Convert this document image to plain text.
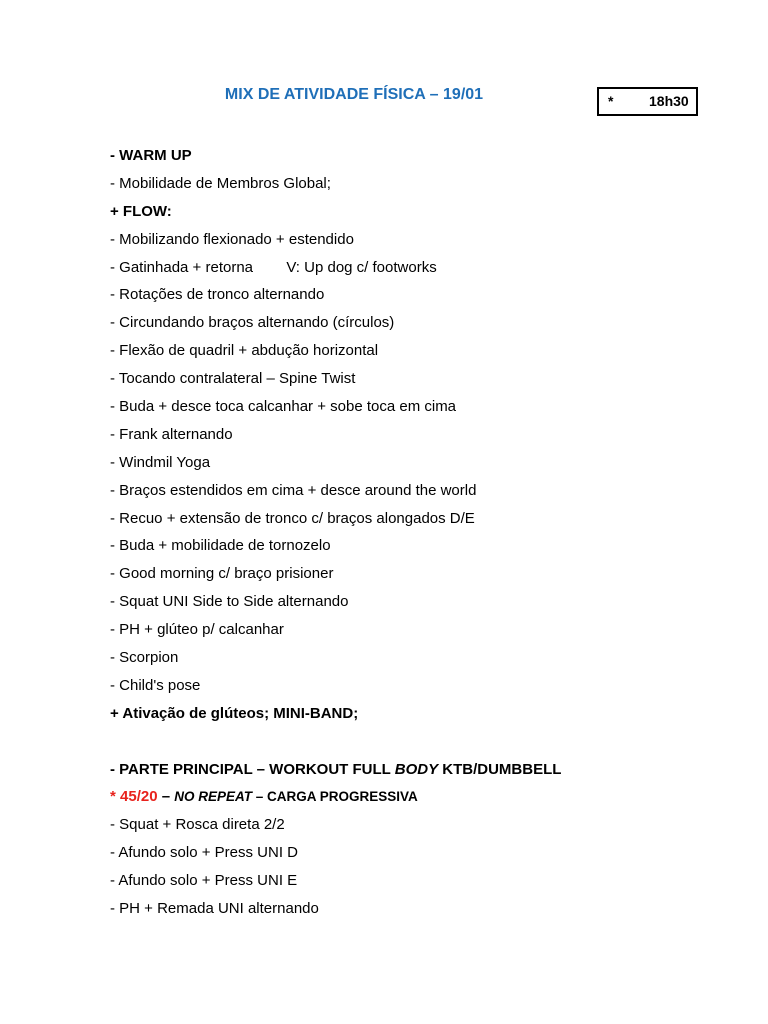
MIX DE ATIVIDADE FÍSICA – 19/01	*	18h30
- WARM UP
- Mobilidade de Membros Global;
+ FLOW:
- Mobilizando flexionado + estendido
- Gatinhada + retorna        V: Up dog c/ footworks
- Rotações de tronco alternando
- Circundando braços alternando (círculos)
- Flexão de quadril + abdução horizontal
- Tocando contralateral – Spine Twist
- Buda + desce toca calcanhar + sobe toca em cima
- Frank alternando
- Windmil Yoga
- Braços estendidos em cima + desce around the world
- Recuo + extensão de tronco c/ braços alongados D/E
- Buda + mobilidade de tornozelo
- Good morning c/ braço prisioner
- Squat UNI Side to Side alternando
- PH + glúteo p/ calcanhar
- Scorpion
- Child's pose
+ Ativação de glúteos; MINI-BAND;
- PARTE PRINCIPAL – WORKOUT FULL BODY KTB/DUMBBELL
* 45/20 – NO REPEAT – CARGA PROGRESSIVA
- Squat + Rosca direta 2/2
- Afundo solo + Press UNI D
- Afundo solo + Press UNI E
- PH + Remada UNI alternando
